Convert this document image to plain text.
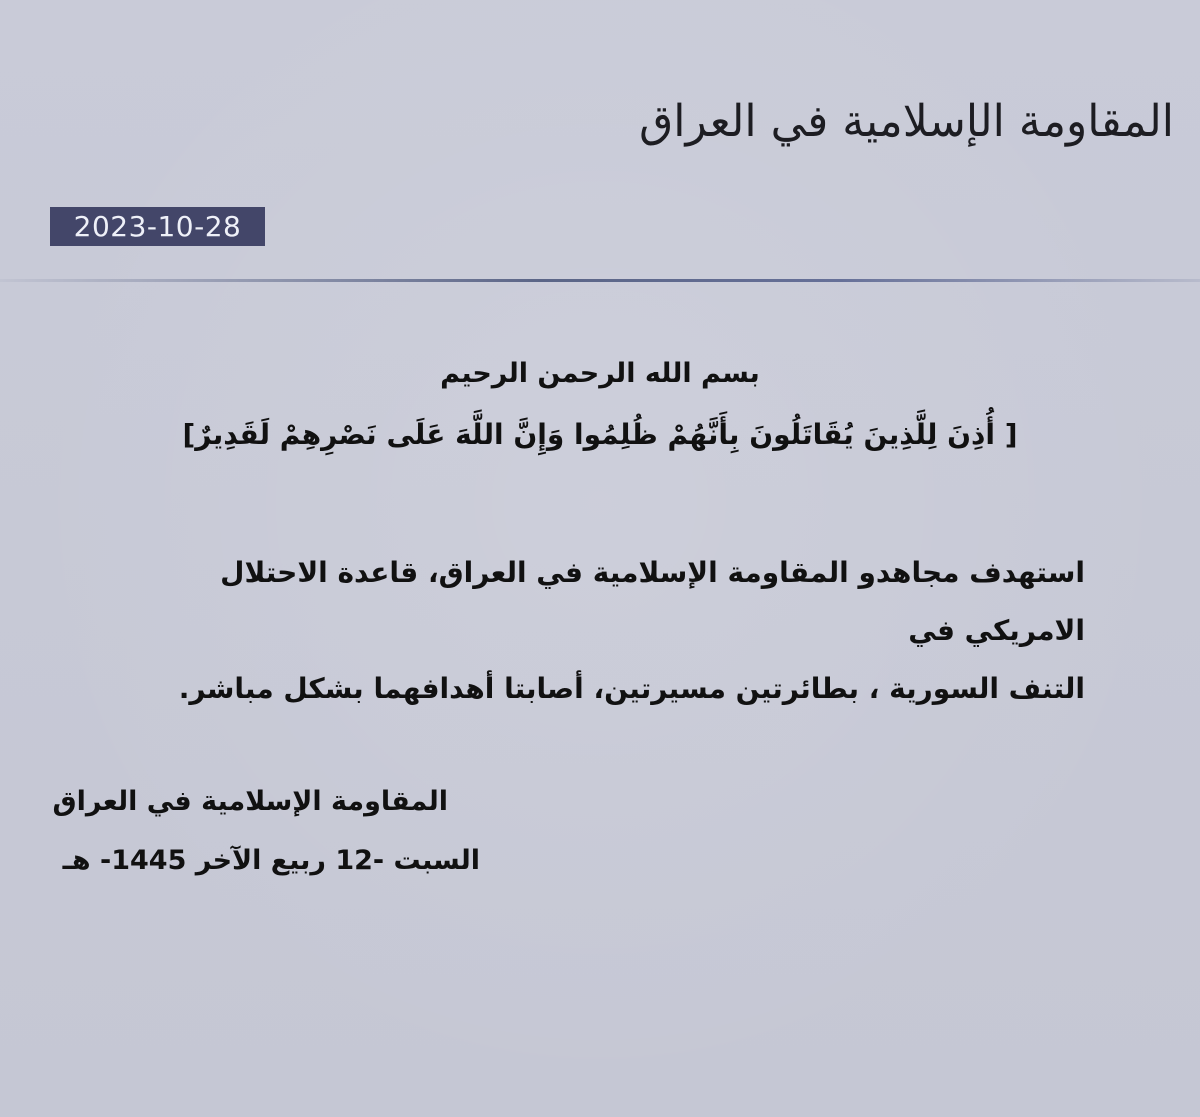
المقاومة الإسلامية في العراق
2023-10-28
بسم الله الرحمن الرحيم
[ أُذِنَ لِلَّذِينَ يُقَاتَلُونَ بِأَنَّهُمْ ظُلِمُوا وَإِنَّ اللَّهَ عَلَى نَصْرِهِمْ لَقَدِيرٌ]

استهدف مجاهدو المقاومة الإسلامية في العراق، قاعدة الاحتلال الامريكي في

التنف السورية ، بطائرتين مسيرتين، أصابتا أهدافهما بشكل مباشر.

المقاومة الإسلامية في العراق
السبت -12 ربيع الآخر 1445- هـ
